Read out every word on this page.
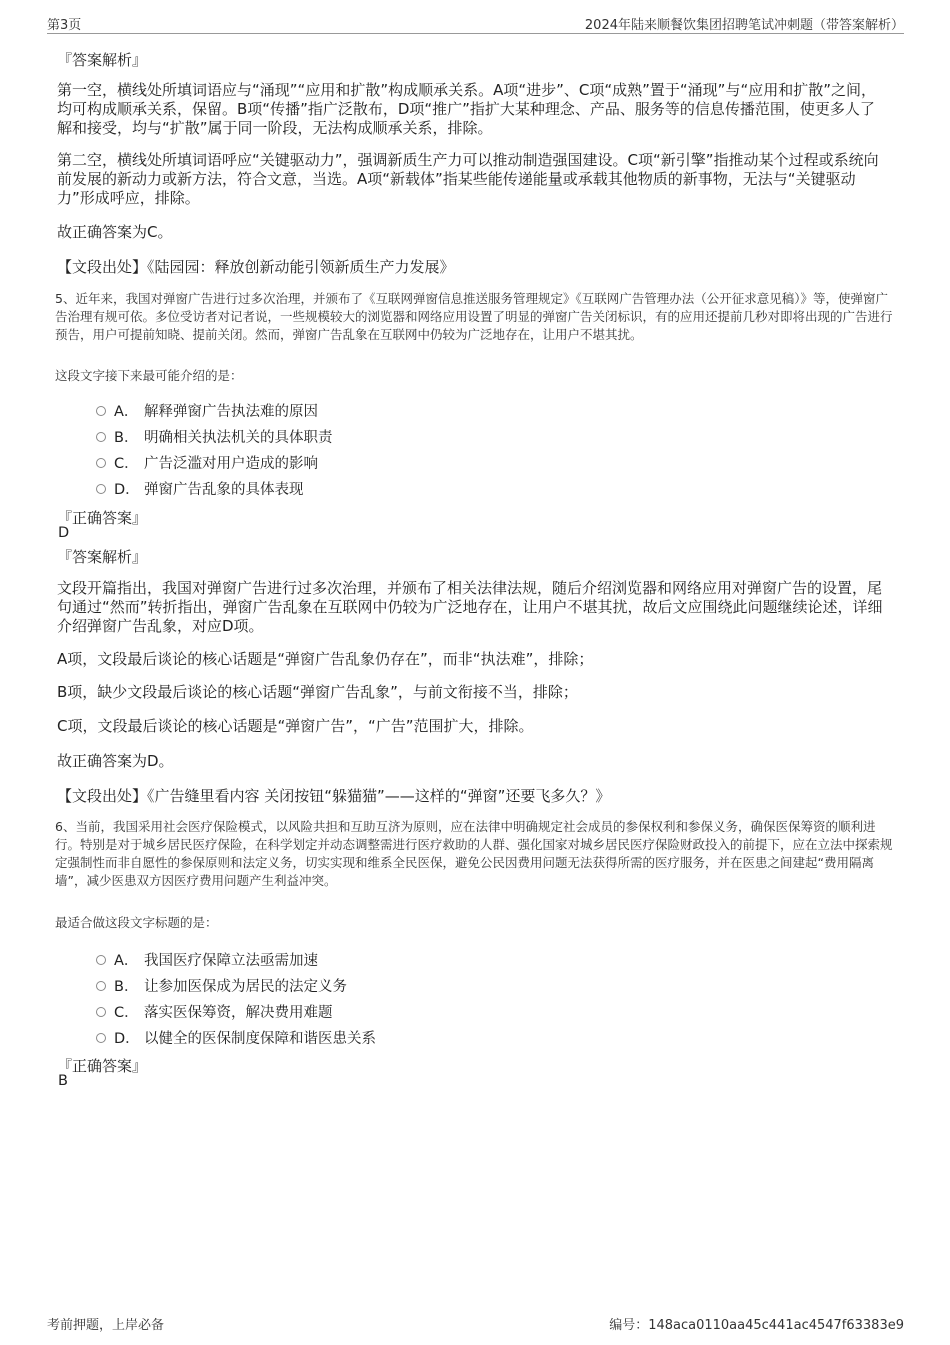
第3页	2024年陆来顺餐饮集团招聘笔试冲刺题（带答案解析）
『答案解析』
第一空，横线处所填词语应与“涌现”“应用和扩散”构成顺承关系。A项“进步”、C项“成熟”置于“涌现”与“应用和扩散”之间，均可构成顺承关系，保留。B项“传播”指广泛散布，D项“推广”指扩大某种理念、产品、服务等的信息传播范围，使更多人了解和接受，均与“扩散”属于同一阶段，无法构成顺承关系，排除。
第二空，横线处所填词语呼应“关键驱动力”，强调新质生产力可以推动制造强国建设。C项“新引擎”指推动某个过程或系统向前发展的新动力或新方法，符合文意，当选。A项“新载体”指某些能传递能量或承载其他物质的新事物，无法与“关键驱动力”形成呼应，排除。
故正确答案为C。
【文段出处】《陆园园：释放创新动能引领新质生产力发展》
5、近年来，我国对弹窗广告进行过多次治理，并颁布了《互联网弹窗信息推送服务管理规定》《互联网广告管理办法（公开征求意见稿）》等，使弹窗广告治理有规可依。多位受访者对记者说，一些规模较大的浏览器和网络应用设置了明显的弹窗广告关闭标识，有的应用还提前几秒对即将出现的广告进行预告，用户可提前知晓、提前关闭。然而，弹窗广告乱象在互联网中仍较为广泛地存在，让用户不堪其扰。
这段文字接下来最可能介绍的是：
A． 解释弹窗广告执法难的原因
B． 明确相关执法机关的具体职责
C． 广告泛滥对用户造成的影响
D． 弹窗广告乱象的具体表现
『正确答案』
D
『答案解析』
文段开篇指出，我国对弹窗广告进行过多次治理，并颁布了相关法律法规，随后介绍浏览器和网络应用对弹窗广告的设置，尾句通过“然而”转折指出，弹窗广告乱象在互联网中仍较为广泛地存在，让用户不堪其扰，故后文应围绕此问题继续论述，详细介绍弹窗广告乱象，对应D项。
A项，文段最后谈论的核心话题是“弹窗广告乱象仍存在”，而非“执法难”，排除；
B项，缺少文段最后谈论的核心话题“弹窗广告乱象”，与前文衔接不当，排除；
C项，文段最后谈论的核心话题是“弹窗广告”，“广告”范围扩大，排除。
故正确答案为D。
【文段出处】《广告缝里看内容 关闭按钮“躲猫猫”——这样的“弹窗”还要飞多久？》
6、当前，我国采用社会医疗保险模式，以风险共担和互助互济为原则，应在法律中明确规定社会成员的参保权利和参保义务，确保医保筹资的顺利进行。特别是对于城乡居民医疗保险，在科学划定并动态调整需进行医疗救助的人群、强化国家对城乡居民医疗保险财政投入的前提下，应在立法中探索规定强制性而非自愿性的参保原则和法定义务，切实实现和维系全民医保，避免公民因费用问题无法获得所需的医疗服务，并在医患之间建起“费用隔离墙”，减少医患双方因医疗费用问题产生利益冲突。
最适合做这段文字标题的是：
A． 我国医疗保障立法亟需加速
B． 让参加医保成为居民的法定义务
C． 落实医保筹资，解决费用难题
D． 以健全的医保制度保障和谐医患关系
『正确答案』
B
考前押题，上岸必备	编号：148aca0110aa45c441ac4547f63383e9
